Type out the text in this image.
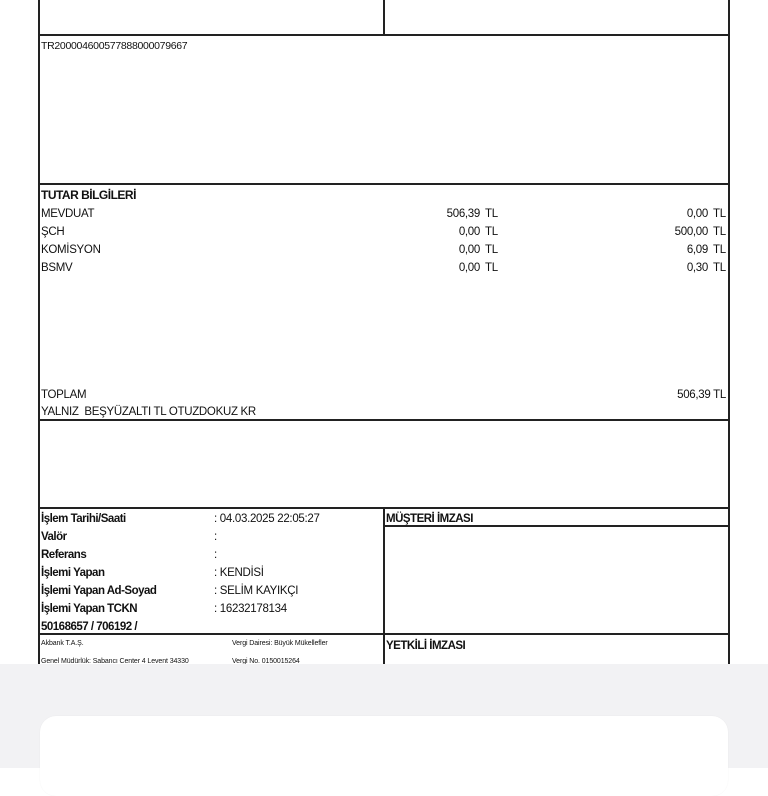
TR200004600577888000079667
TUTAR BİLGİLERİ
MEVDUAT	506,39 TL	0,00 TL
ŞCH	0,00 TL	500,00 TL
KOMİSYON	0,00 TL	6,09 TL
BSMV	0,00 TL	0,30 TL
TOPLAM	506,39 TL
YALNIZ  BEŞYÜZALTI TL OTUZDOKUZ KR
İşlem Tarihi/Saati	: 04.03.2025 22:05:27
Valör	:
Referans	:
İşlemi Yapan	: KENDİSİ
İşlemi Yapan Ad-Soyad	: SELİM KAYIKÇI
İşlemi Yapan TCKN	: 16232178134
50168657 / 706192 /
MÜŞTERİ İMZASI
YETKİLİ İMZASI
Akbank T.A.Ş.
Genel Müdürlük: Sabancı Center 4 Levent 34330
Vergi Dairesi: Büyük Mükellefler
Vergi No. 0150015264
